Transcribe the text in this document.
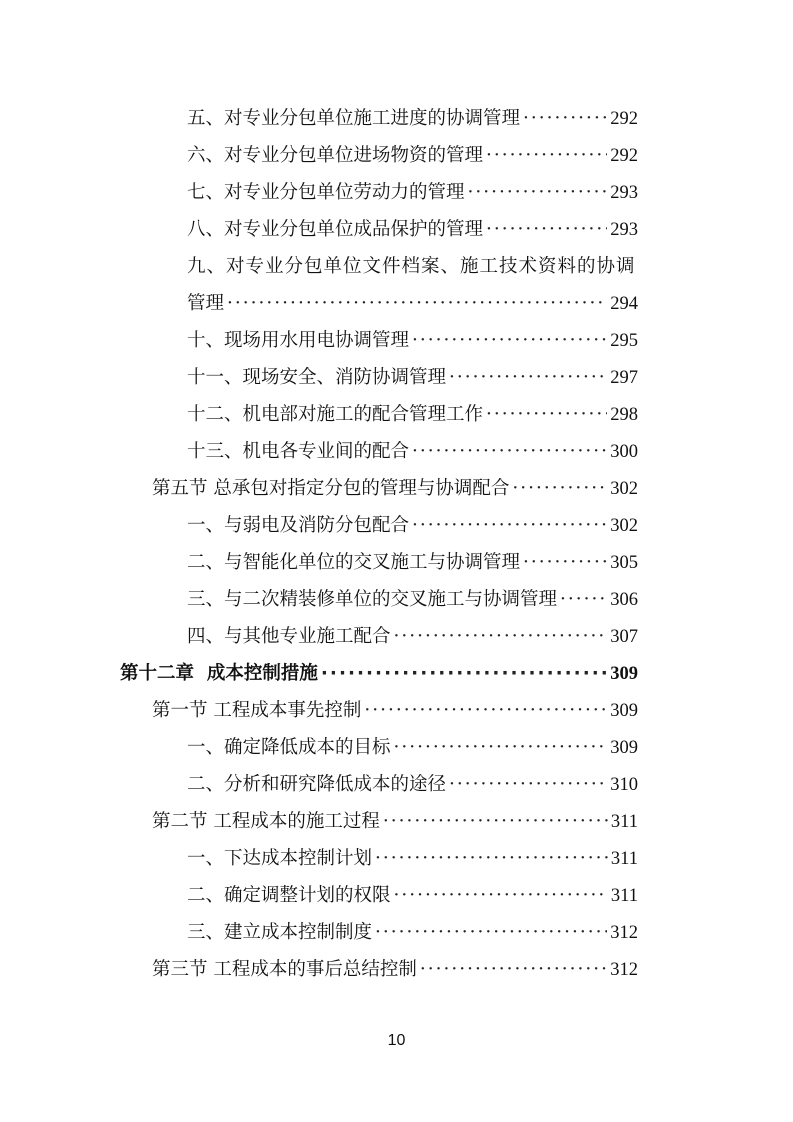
五、对专业分包单位施工进度的协调管理 ·····	292
六、对专业分包单位进场物资的管理 ·····	292
七、对专业分包单位劳动力的管理 ·····	293
八、对专业分包单位成品保护的管理 ·····	293
九、对专业分包单位文件档案、施工技术资料的协调
管理 ·····	294
十、现场用水用电协调管理 ·····	295
十一、现场安全、消防协调管理 ·····	297
十二、机电部对施工的配合管理工作 ·····	298
十三、机电各专业间的配合 ·····	300
第五节 总承包对指定分包的管理与协调配合 ·····	302
一、与弱电及消防分包配合 ·····	302
二、与智能化单位的交叉施工与协调管理 ·····	305
三、与二次精装修单位的交叉施工与协调管理 ·····	306
四、与其他专业施工配合 ·····	307
第十二章  成本控制措施 ·····	309
第一节 工程成本事先控制 ·····	309
一、确定降低成本的目标 ·····	309
二、分析和研究降低成本的途径 ·····	310
第二节 工程成本的施工过程 ·····	311
一、下达成本控制计划 ·····	311
二、确定调整计划的权限 ·····	311
三、建立成本控制制度 ·····	312
第三节 工程成本的事后总结控制 ·····	312
10
